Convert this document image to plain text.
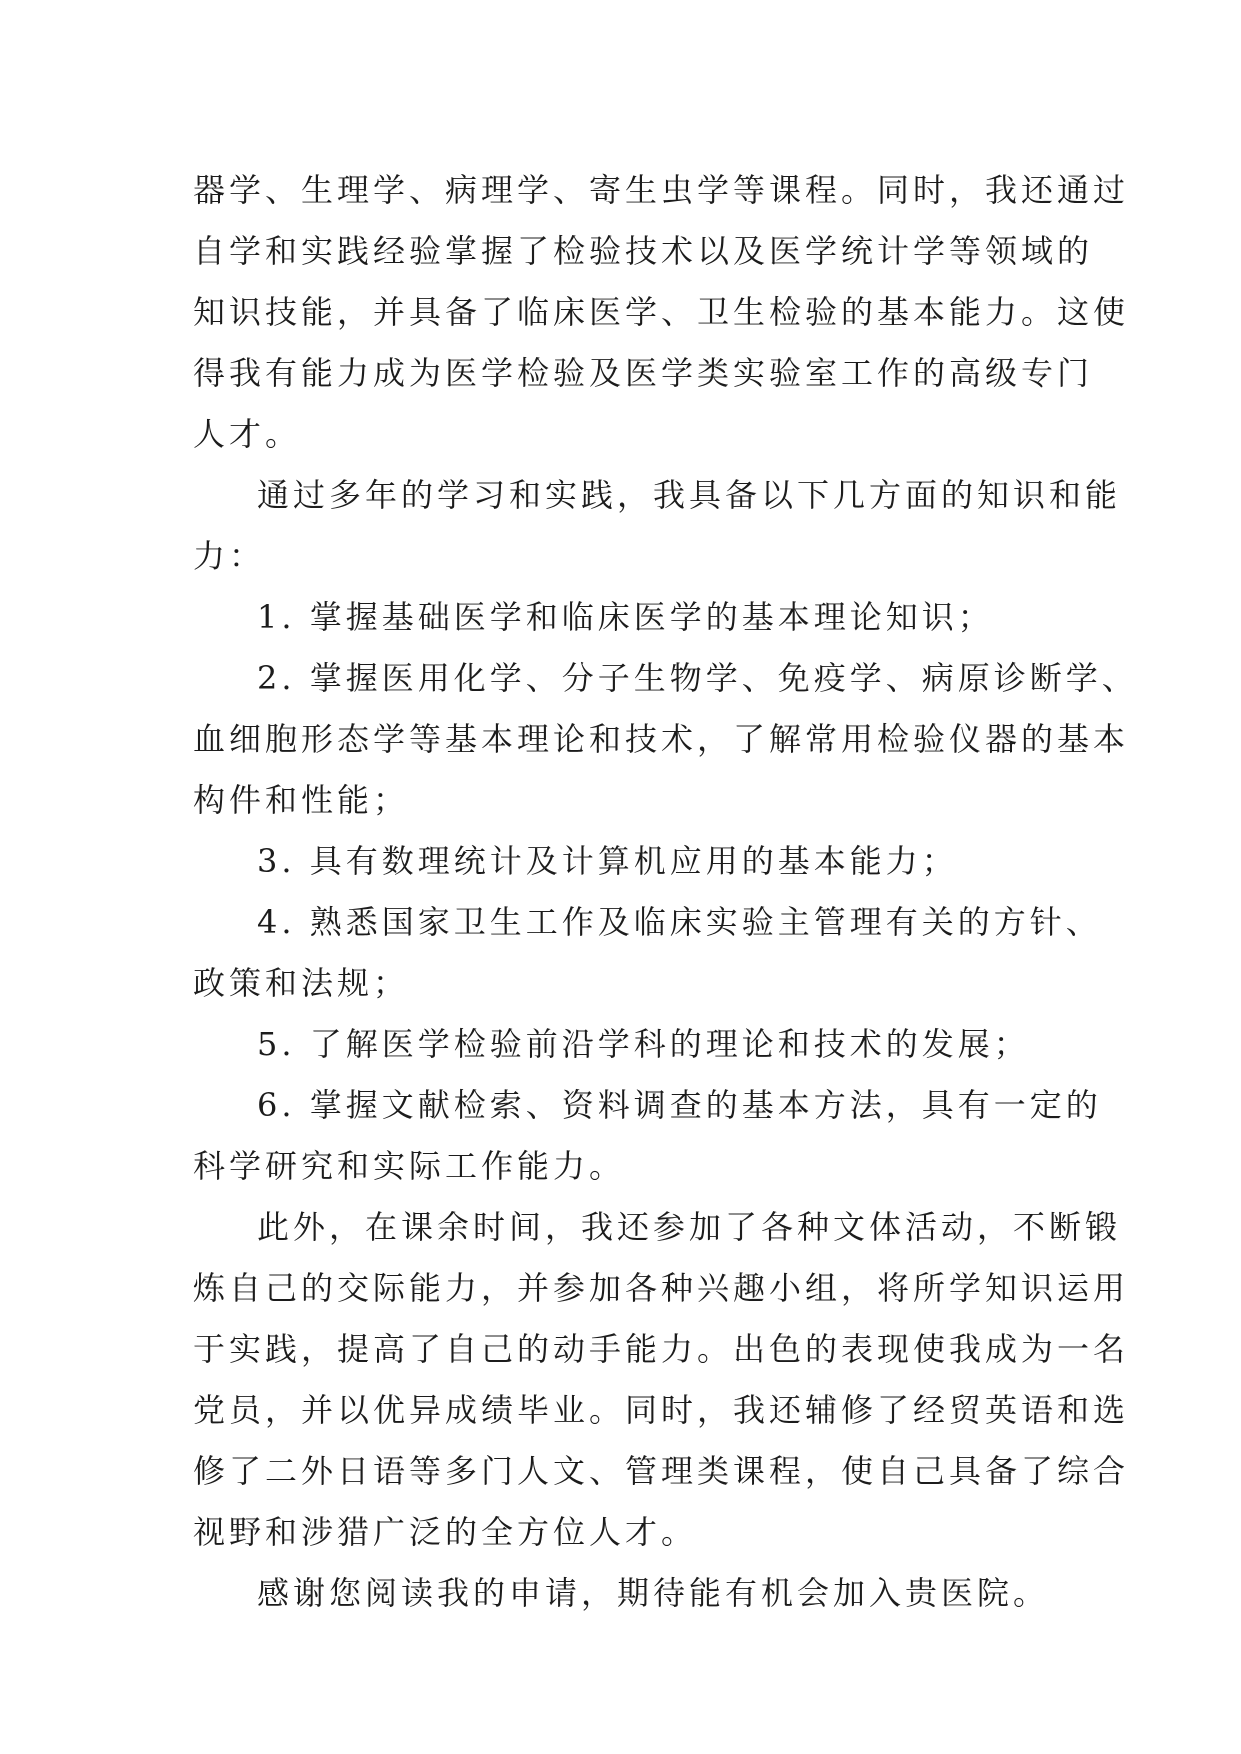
器学、生理学、病理学、寄生虫学等课程。同时，我还通过
自学和实践经验掌握了检验技术以及医学统计学等领域的
知识技能，并具备了临床医学、卫生检验的基本能力。这使
得我有能力成为医学检验及医学类实验室工作的高级专门
人才。

通过多年的学习和实践，我具备以下几方面的知识和能
力：

1. 掌握基础医学和临床医学的基本理论知识；

2. 掌握医用化学、分子生物学、免疫学、病原诊断学、
血细胞形态学等基本理论和技术，了解常用检验仪器的基本
构件和性能；

3. 具有数理统计及计算机应用的基本能力；

4. 熟悉国家卫生工作及临床实验主管理有关的方针、
政策和法规；

5. 了解医学检验前沿学科的理论和技术的发展；

6. 掌握文献检索、资料调查的基本方法，具有一定的
科学研究和实际工作能力。

此外，在课余时间，我还参加了各种文体活动，不断锻
炼自己的交际能力，并参加各种兴趣小组，将所学知识运用
于实践，提高了自己的动手能力。出色的表现使我成为一名
党员，并以优异成绩毕业。同时，我还辅修了经贸英语和选
修了二外日语等多门人文、管理类课程，使自己具备了综合
视野和涉猎广泛的全方位人才。

感谢您阅读我的申请，期待能有机会加入贵医院。
